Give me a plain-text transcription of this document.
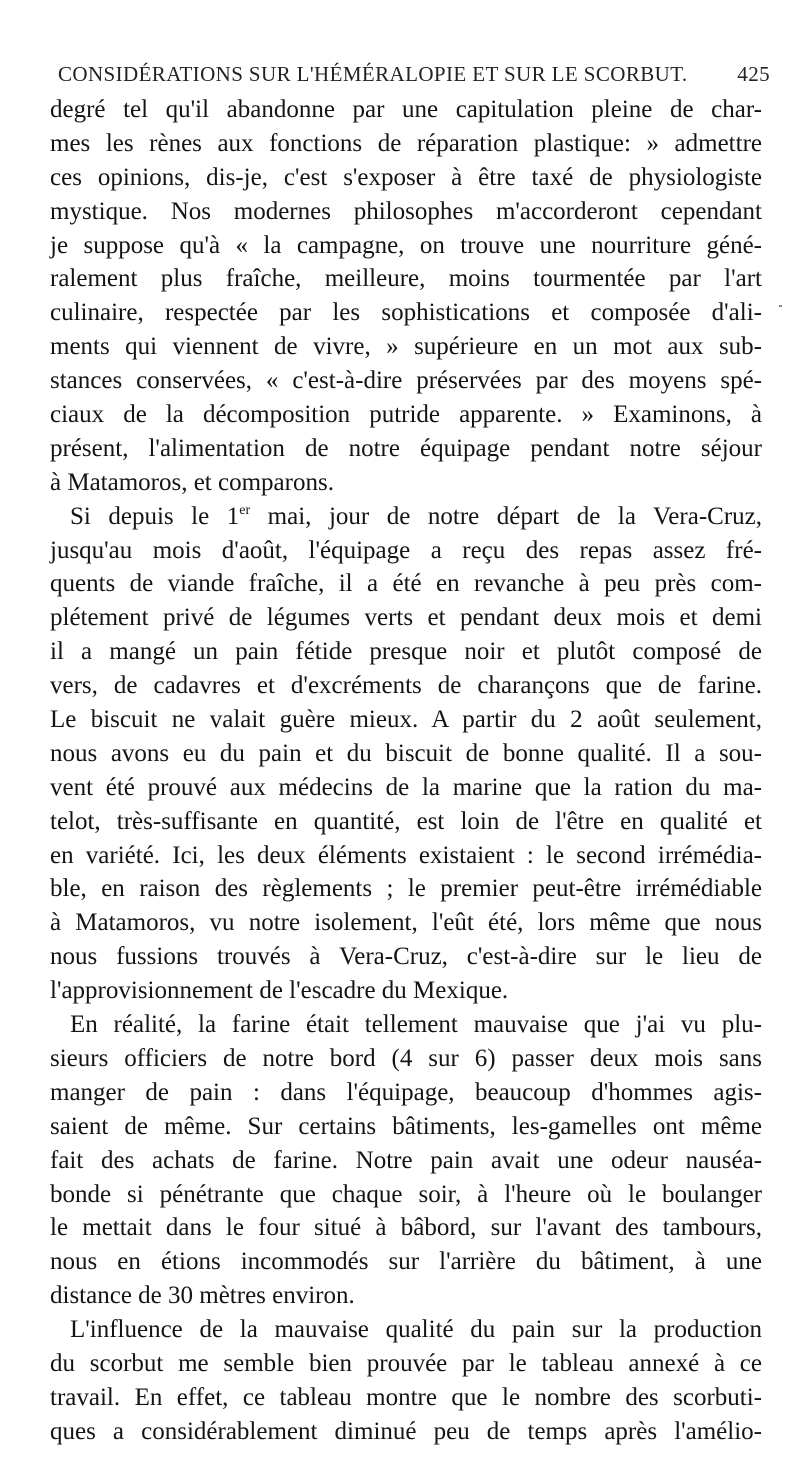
CONSIDÉRATIONS SUR L'HÉMÉRALOPIE ET SUR LE SCORBUT. 425
degré tel qu'il abandonne par une capitulation pleine de char-
mes les rènes aux fonctions de réparation plastique: » admettre
ces opinions, dis-je, c'est s'exposer à être taxé de physiologiste
mystique. Nos modernes philosophes m'accorderont cependant
je suppose qu'à « la campagne, on trouve une nourriture géné-
ralement plus fraîche, meilleure, moins tourmentée par l'art
culinaire, respectée par les sophistications et composée d'ali-
ments qui viennent de vivre, » supérieure en un mot aux sub-
stances conservées, « c'est-à-dire préservées par des moyens spé-
ciaux de la décomposition putride apparente. » Examinons, à
présent, l'alimentation de notre équipage pendant notre séjour
à Matamoros, et comparons.
Si depuis le 1er mai, jour de notre départ de la Vera-Cruz,
jusqu'au mois d'août, l'équipage a reçu des repas assez fré-
quents de viande fraîche, il a été en revanche à peu près com-
plétement privé de légumes verts et pendant deux mois et demi
il a mangé un pain fétide presque noir et plutôt composé de
vers, de cadavres et d'excréments de charançons que de farine.
Le biscuit ne valait guère mieux. A partir du 2 août seulement,
nous avons eu du pain et du biscuit de bonne qualité. Il a sou-
vent été prouvé aux médecins de la marine que la ration du ma-
telot, très-suffisante en quantité, est loin de l'être en qualité et
en variété. Ici, les deux éléments existaient : le second irrémédia-
ble, en raison des règlements ; le premier peut-être irrémédiable
à Matamoros, vu notre isolement, l'eût été, lors même que nous
nous fussions trouvés à Vera-Cruz, c'est-à-dire sur le lieu de
l'approvisionnement de l'escadre du Mexique.
En réalité, la farine était tellement mauvaise que j'ai vu plu-
sieurs officiers de notre bord (4 sur 6) passer deux mois sans
manger de pain : dans l'équipage, beaucoup d'hommes agis-
saient de même. Sur certains bâtiments, les-gamelles ont même
fait des achats de farine. Notre pain avait une odeur nauséa-
bonde si pénétrante que chaque soir, à l'heure où le boulanger
le mettait dans le four situé à bâbord, sur l'avant des tambours,
nous en étions incommodés sur l'arrière du bâtiment, à une
distance de 30 mètres environ.
L'influence de la mauvaise qualité du pain sur la production
du scorbut me semble bien prouvée par le tableau annexé à ce
travail. En effet, ce tableau montre que le nombre des scorbuti-
ques a considérablement diminué peu de temps après l'amélio-
